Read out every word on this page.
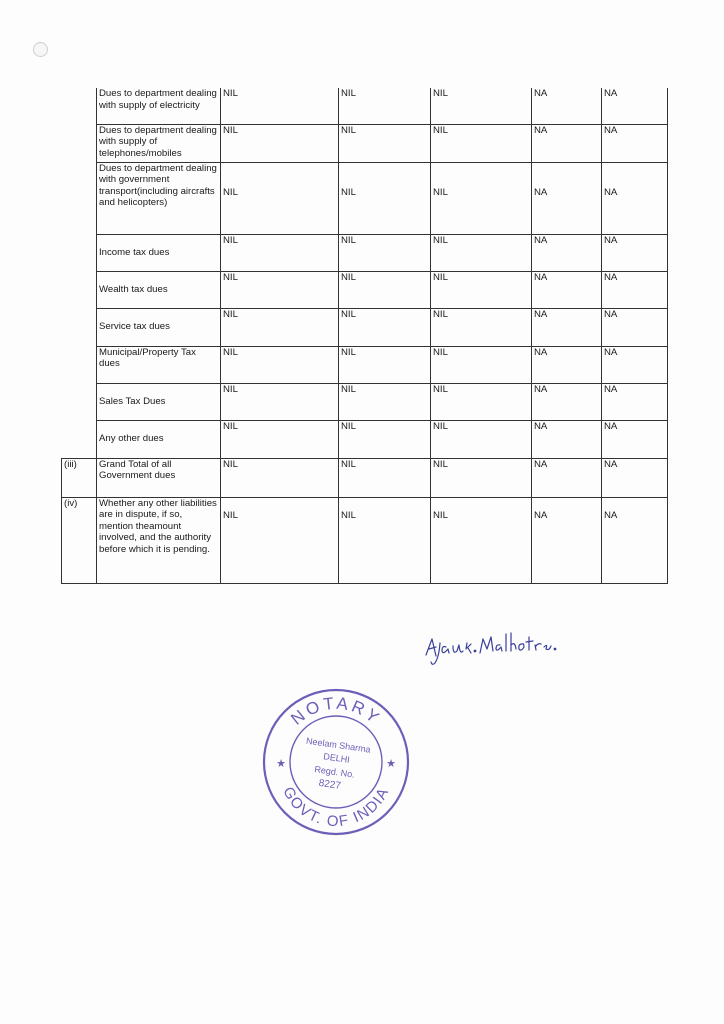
	Dues to department dealing with supply of electricity	NIL	NIL	NIL	NA	NA
	Dues to department dealing with supply of telephones/mobiles	NIL	NIL	NIL	NA	NA
	Dues to department dealing with government transport(including aircrafts and helicopters)	NIL	NIL	NIL	NA	NA
	Income tax dues	NIL	NIL	NIL	NA	NA
	Wealth tax dues	NIL	NIL	NIL	NA	NA
	Service tax dues	NIL	NIL	NIL	NA	NA
	Municipal/Property Tax dues	NIL	NIL	NIL	NA	NA
	Sales Tax Dues	NIL	NIL	NIL	NA	NA
	Any other dues	NIL	NIL	NIL	NA	NA
(iii)	Grand Total of all Government dues	NIL	NIL	NIL	NA	NA
(iv)	Whether any other liabilities are in dispute, if so, mention theamount involved, and the authority before which it is pending.	NIL	NIL	NIL	NA	NA
NOTARY
GOVT. OF INDIA
★	★
Neelam Sharma
DELHI
Regd. No.
8227
